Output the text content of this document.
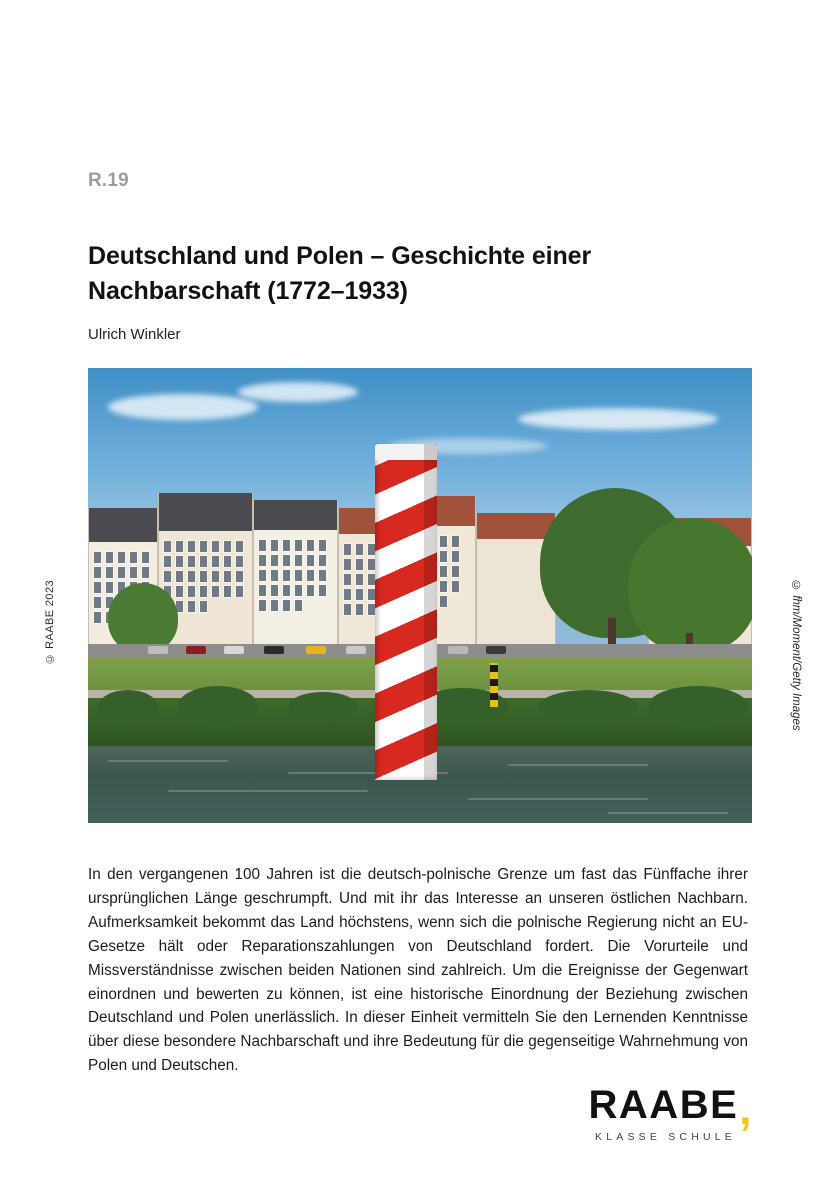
© RAABE 2023	© fhm/Moment/Getty Images
R.19
Deutschland und Polen – Geschichte einer Nachbarschaft (1772–1933)
Ulrich Winkler

In den vergangenen 100 Jahren ist die deutsch-polnische Grenze um fast das Fünffache ihrer ursprünglichen Länge geschrumpft. Und mit ihr das Interesse an unseren östlichen Nachbarn. Aufmerksamkeit bekommt das Land höchstens, wenn sich die polnische Regierung nicht an EU-Gesetze hält oder Reparationszahlungen von Deutschland fordert. Die Vorurteile und Missverständnisse zwischen beiden Nationen sind zahlreich. Um die Ereignisse der Gegenwart einordnen und bewerten zu können, ist eine historische Einordnung der Beziehung zwischen Deutschland und Polen unerlässlich. In dieser Einheit vermitteln Sie den Lernenden Kenntnisse über diese besondere Nachbarschaft und ihre Bedeutung für die gegenseitige Wahrnehmung von Polen und Deutschen.

RAABE,
KLASSE SCHULE
